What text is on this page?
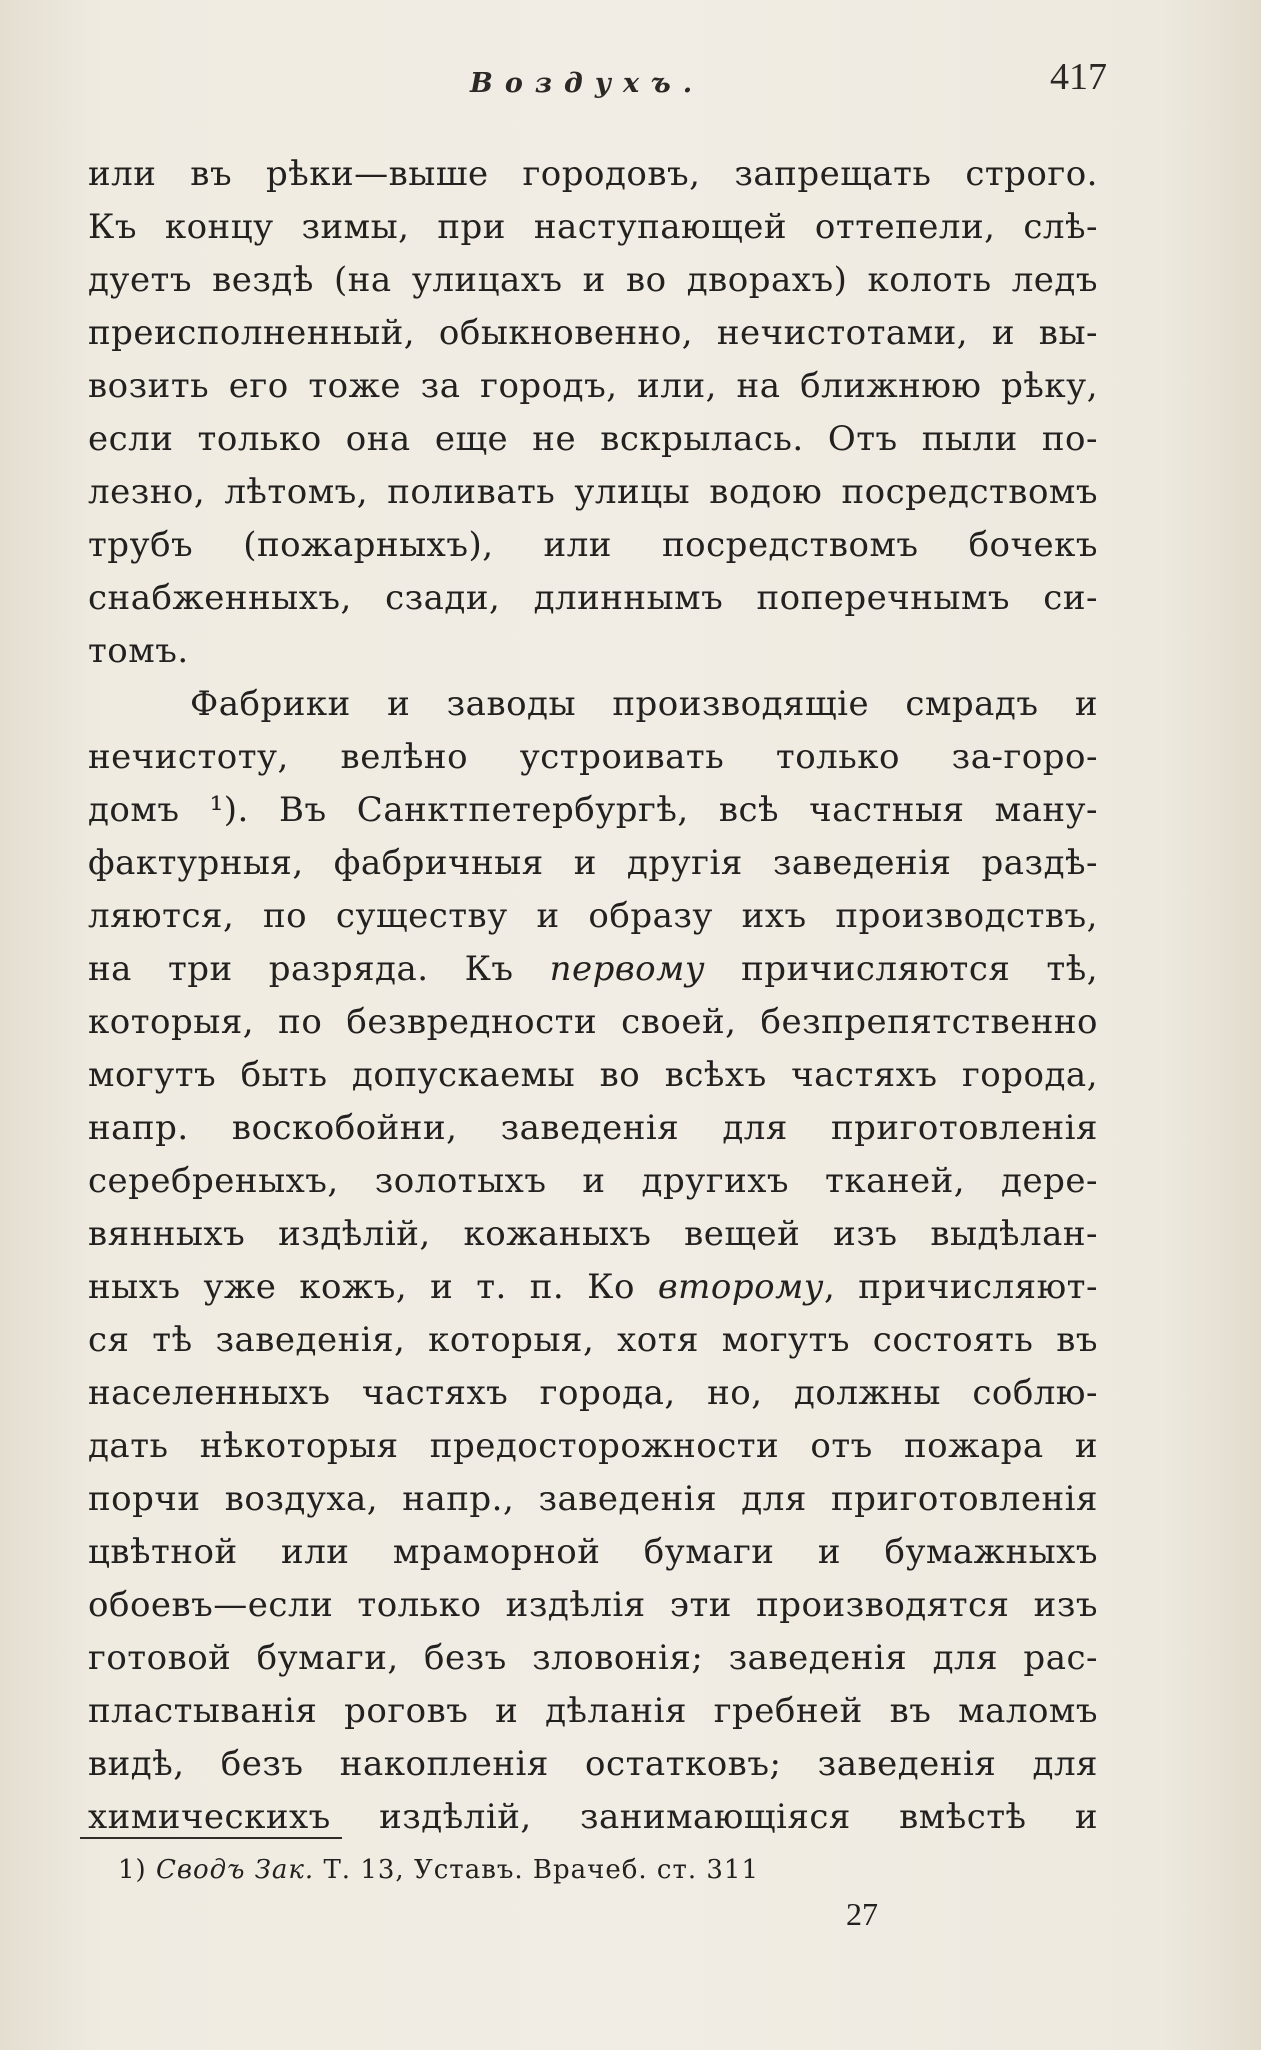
Воздухъ.	417
или въ рѣки—выше городовъ, запрещать строго.
Къ концу зимы, при наступающей оттепели, слѣ-
дуетъ вездѣ (на улицахъ и во дворахъ) колоть ледъ
преисполненный, обыкновенно, нечистотами, и вы-
возить его тоже за городъ, или, на ближнюю рѣку,
если только она еще не вскрылась. Отъ пыли по-
лезно, лѣтомъ, поливать улицы водою посредствомъ
трубъ (пожарныхъ), или посредствомъ бочекъ
снабженныхъ, сзади, длиннымъ поперечнымъ си-
томъ.
Фабрики и заводы производящіе смрадъ и
нечистоту, велѣно устроивать только за-горо-
домъ ¹). Въ Санктпетербургѣ, всѣ частныя ману-
фактурныя, фабричныя и другія заведенія раздѣ-
ляются, по существу и образу ихъ производствъ,
на три разряда. Къ первому причисляются тѣ,
которыя, по безвредности своей, безпрепятственно
могутъ быть допускаемы во всѣхъ частяхъ города,
напр. воскобойни, заведенія для приготовленія
серебреныхъ, золотыхъ и другихъ тканей, дере-
вянныхъ издѣлій, кожаныхъ вещей изъ выдѣлан-
ныхъ уже кожъ, и т. п. Ко второму, причисляют-
ся тѣ заведенія, которыя, хотя могутъ состоять въ
населенныхъ частяхъ города, но, должны соблю-
дать нѣкоторыя предосторожности отъ пожара и
порчи воздуха, напр., заведенія для приготовленія
цвѣтной или мраморной бумаги и бумажныхъ
обоевъ—если только издѣлія эти производятся изъ
готовой бумаги, безъ зловонія; заведенія для рас-
пластыванія роговъ и дѣланія гребней въ маломъ
видѣ, безъ накопленія остатковъ; заведенія для
химическихъ издѣлій, занимающіяся вмѣстѣ и
1) Сводъ Зак. Т. 13, Уставъ. Врачеб. ст. 311
27
